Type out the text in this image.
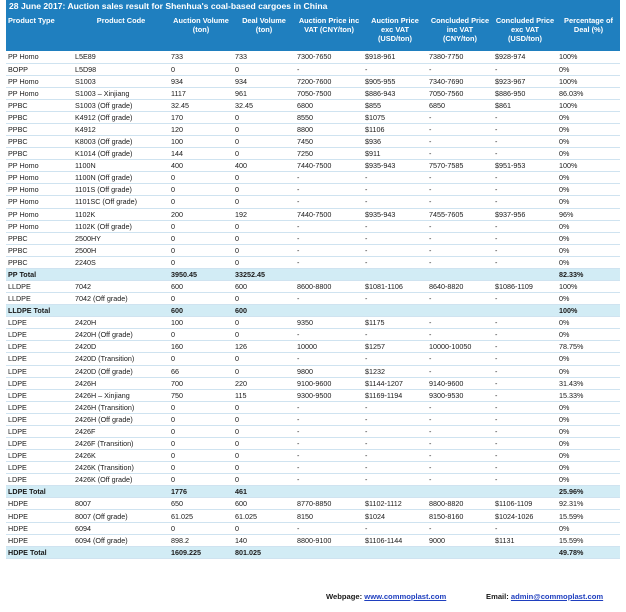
28 June 2017: Auction sales result for Shenhua's coal-based cargoes in China
Product Type	Product Code	Auction Volume (ton)	Deal Volume (ton)	Auction Price inc VAT (CNY/ton)	Auction Price exc VAT (USD/ton)	Concluded Price inc VAT (CNY/ton)	Concluded Price exc VAT (USD/ton)	Percentage of Deal (%)
PP Homo	L5E89	733	733	7300-7650	$918-961	7380-7750	$928-974	100%
BOPP	L5D98	0	0	-	-	-	-	0%
PP Homo	S1003	934	934	7200-7600	$905-955	7340-7690	$923-967	100%
PP Homo	S1003 – Xinjiang	1117	961	7050-7500	$886-943	7050-7560	$886-950	86.03%
PPBC	S1003 (Off grade)	32.45	32.45	6800	$855	6850	$861	100%
PPBC	K4912 (Off grade)	170	0	8550	$1075	-	-	0%
PPBC	K4912	120	0	8800	$1106	-	-	0%
PPBC	K8003 (Off grade)	100	0	7450	$936	-	-	0%
PPBC	K1014 (Off grade)	144	0	7250	$911	-	-	0%
PP Homo	1100N	400	400	7440-7500	$935-943	7570-7585	$951-953	100%
PP Homo	1100N (Off grade)	0	0	-	-	-	-	0%
PP Homo	1101S (Off grade)	0	0	-	-	-	-	0%
PP Homo	1101SC (Off grade)	0	0	-	-	-	-	0%
PP Homo	1102K	200	192	7440-7500	$935-943	7455-7605	$937-956	96%
PP Homo	1102K (Off grade)	0	0	-	-	-	-	0%
PPBC	2500HY	0	0	-	-	-	-	0%
PPBC	2500H	0	0	-	-	-	-	0%
PPBC	2240S	0	0	-	-	-	-	0%
PP Total		3950.45	33252.45					82.33%
LLDPE	7042	600	600	8600-8800	$1081-1106	8640-8820	$1086-1109	100%
LLDPE	7042 (Off grade)	0	0	-	-	-	-	0%
LLDPE Total		600	600					100%
LDPE	2420H	100	0	9350	$1175	-	-	0%
LDPE	2420H (Off grade)	0	0	-	-	-	-	0%
LDPE	2420D	160	126	10000	$1257	10000-10050	-	78.75%
LDPE	2420D (Transition)	0	0	-	-	-	-	0%
LDPE	2420D (Off grade)	66	0	9800	$1232	-	-	0%
LDPE	2426H	700	220	9100-9600	$1144-1207	9140-9600	-	31.43%
LDPE	2426H – Xinjiang	750	115	9300-9500	$1169-1194	9300-9530	-	15.33%
LDPE	2426H (Transition)	0	0	-	-	-	-	0%
LDPE	2426H (Off grade)	0	0	-	-	-	-	0%
LDPE	2426F	0	0	-	-	-	-	0%
LDPE	2426F (Transition)	0	0	-	-	-	-	0%
LDPE	2426K	0	0	-	-	-	-	0%
LDPE	2426K (Transition)	0	0	-	-	-	-	0%
LDPE	2426K (Off grade)	0	0	-	-	-	-	0%
LDPE Total		1776	461					25.96%
HDPE	8007	650	600	8770-8850	$1102-1112	8800-8820	$1106-1109	92.31%
HDPE	8007 (Off grade)	61.025	61.025	8150	$1024	8150-8160	$1024-1026	15.59%
HDPE	6094	0	0	-	-	-	-	0%
HDPE	6094 (Off grade)	898.2	140	8800-9100	$1106-1144	9000	$1131	15.59%
HDPE Total		1609.225	801.025					49.78%
Webpage: www.commoplast.com	Email: admin@commoplast.com
